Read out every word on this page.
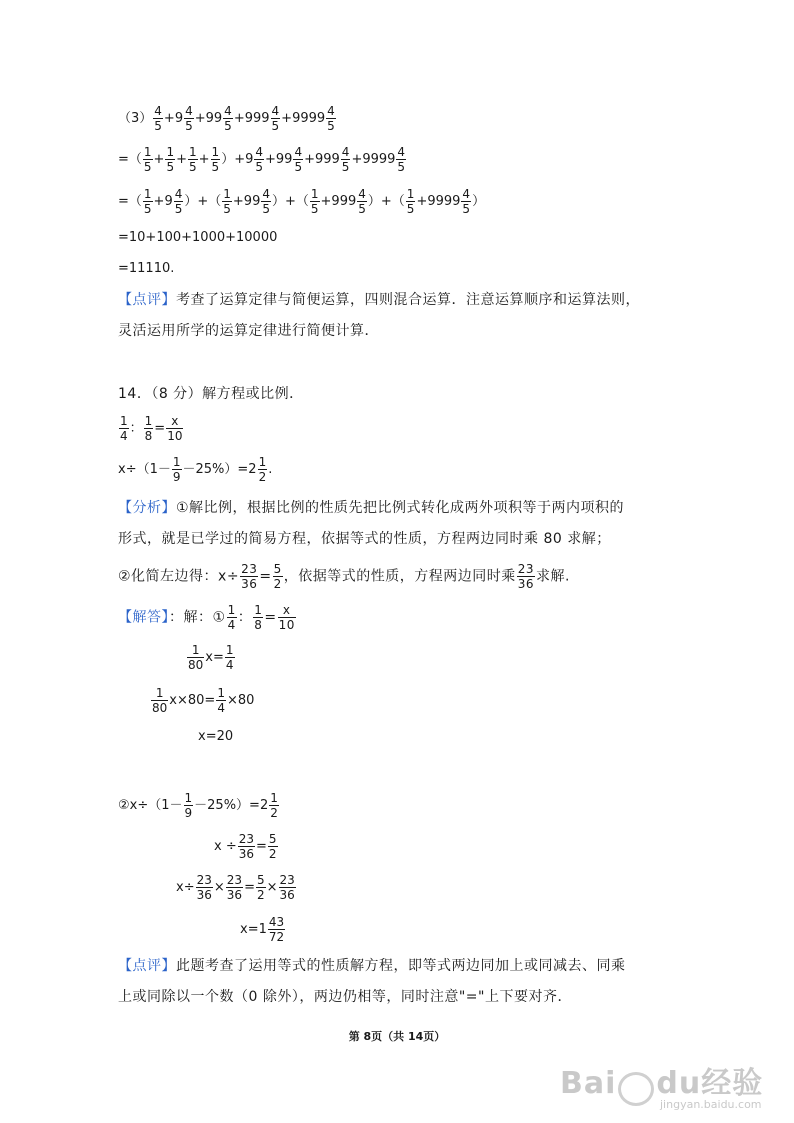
$(3) \frac{4}{5} +9 \frac{4}{5} +99 \frac{4}{5} +999 \frac{4}{5} +9999 \frac{4}{5}$
=（ $\frac{1}{5} + \frac{1}{5} + \frac{1}{5} + \frac{1}{5} )+9 \frac{4}{5} +99 \frac{4}{5} +999 \frac{4}{5} +9999 \frac{4}{5}$
=（ $\frac{1}{5} +9 \frac{4}{5}$ ）+（ $\frac{1}{5} +99 \frac{4}{5}$ ）+（ $\frac{1}{5} +999 \frac{4}{5}$ ）+（ $\frac{1}{5} +9999 \frac{4}{5}$ ）
=10+100+1000+10000
=11110.
【点评】考查了运算定律与简便运算，四则混合运算．注意运算顺序和运算法则，
灵活运用所学的运算定律进行简便计算．
14．（8 分）解方程或比例．
$\frac{1}{4}$ ： $\frac{1}{8} = \frac{x}{10}$
$x\div(1- \frac{1}{9} -25\%)=2 \frac{1}{2}$ .
【分析】①解比例，根据比例的性质先把比例式转化成两外项积等于两内项积的
形式，就是已学过的简易方程，依据等式的性质，方程两边同时乘 80 求解；
②化简左边得：$x\div \frac{23}{36} = \frac{5}{2}$ ，依据等式的性质，方程两边同时乘 $\frac{23}{36}$ 求解.
【解答】：解：① $\frac{1}{4}$ ： $\frac{1}{8} = \frac{x}{10}$
$\frac{1}{80} x= \frac{1}{4}$
$\frac{1}{80} x\times 80= \frac{1}{4} \times 80$
x=20
②x÷（1－ $\frac{1}{9} -25\%)=2 \frac{1}{2}$
$x \div \frac{23}{36} = \frac{5}{2}$
$x\div \frac{23}{36} \times \frac{23}{36} = \frac{5}{2} \times \frac{23}{36}$
$x=1 \frac{43}{72}$
【点评】此题考查了运用等式的性质解方程，即等式两边同加上或同减去、同乘
上或同除以一个数（0 除外），两边仍相等，同时注意"="上下要对齐．
第 8页（共 14页）
Bai du经验
jingyan.baidu.com
